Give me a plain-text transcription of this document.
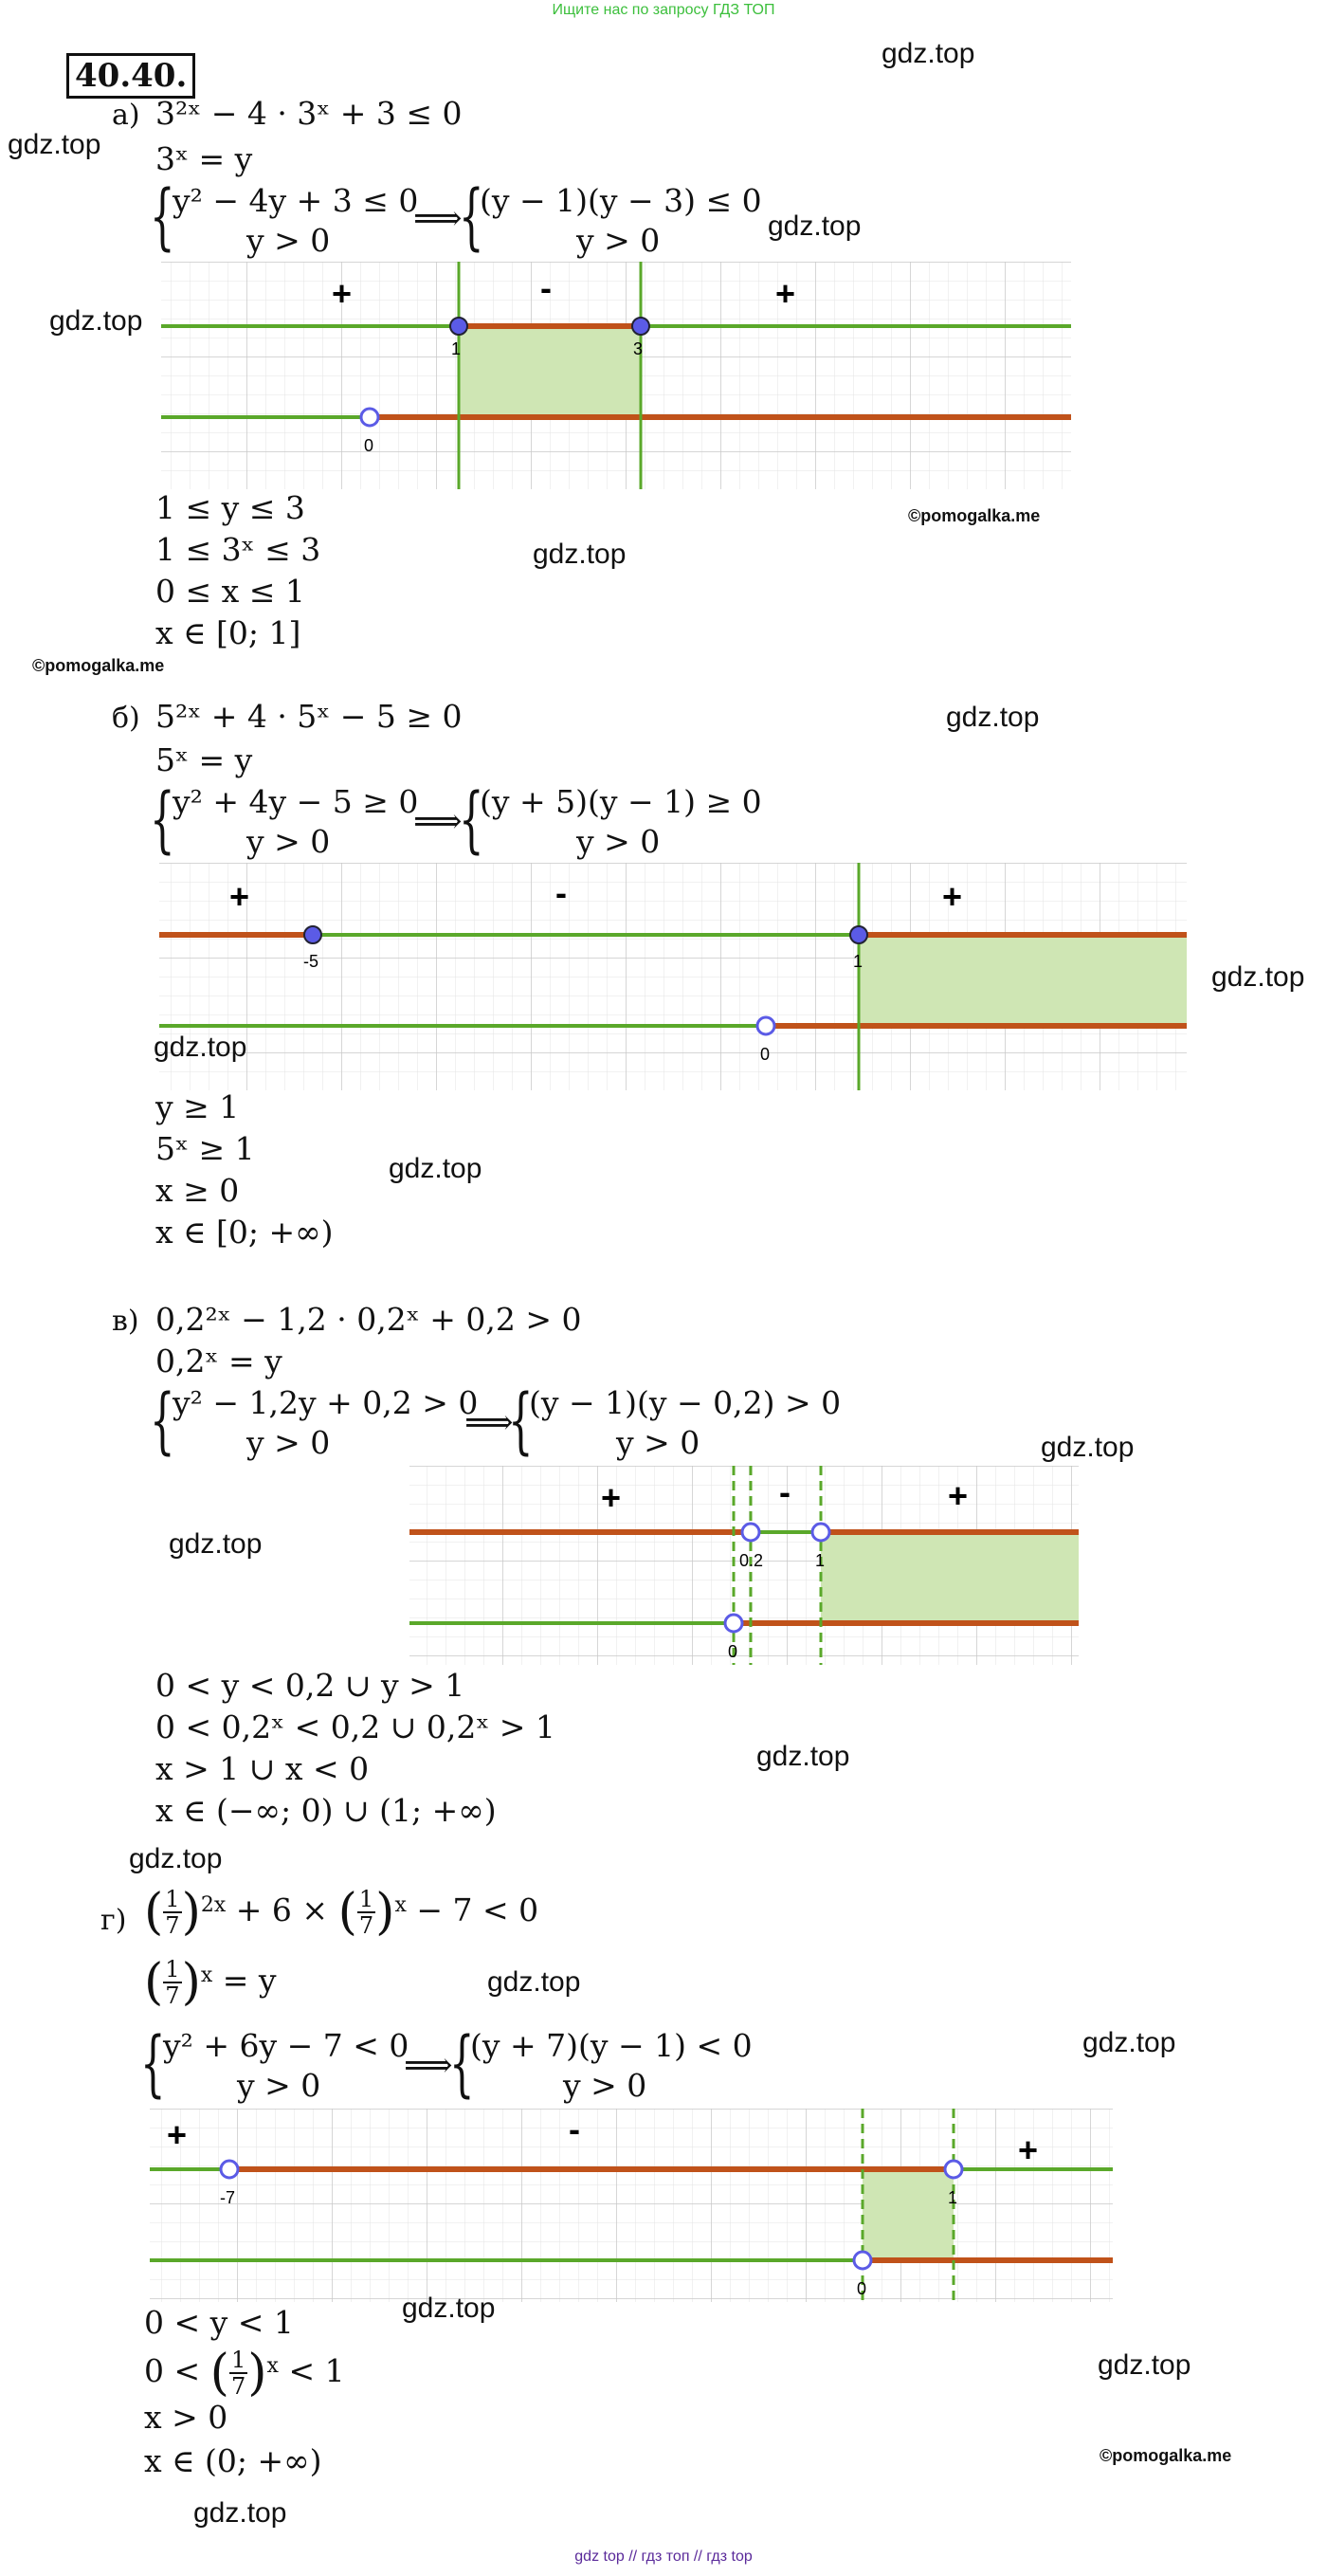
Ищите нас по запросу ГДЗ ТОП
gdz top // гдз топ // гдз top
40.40.
а) 3²ˣ − 4 · 3ˣ + 3 ≤ 0
3ˣ = y
{
y² − 4y + 3 ≤ 0
y > 0
⟹
{
(y − 1)(y − 3) ≤ 0
y > 0
1	3
0
+	-	+
1 ≤ y ≤ 3
1 ≤ 3ˣ ≤ 3
0 ≤ x ≤ 1
x ∈ [0; 1]
б) 5²ˣ + 4 · 5ˣ − 5 ≥ 0
5ˣ = y
{
y² + 4y − 5 ≥ 0
y > 0
⟹
{
(y + 5)(y − 1) ≥ 0
y > 0
-5	1
0
+	-	+
y ≥ 1
5ˣ ≥ 1
x ≥ 0
x ∈ [0; +∞)
в) 0,2²ˣ − 1,2 · 0,2ˣ + 0,2 > 0
0,2ˣ = y
{
y² − 1,2y + 0,2 > 0
y > 0
⟹
{
(y − 1)(y − 0,2) > 0
y > 0
0.2	1
0
+	-	+
0 < y < 0,2 ∪ y > 1
0 < 0,2ˣ < 0,2 ∪ 0,2ˣ > 1
x > 1 ∪ x < 0
x ∈ (−∞; 0) ∪ (1; +∞)
г) ( $\frac{1}{7} )^{2x} + 6$ × ( $\frac{1}{7} )^x - 7 < 0$
( $\frac{1}{7} )^x = y$
{
y² + 6y − 7 < 0
y > 0
⟹
{
(y + 7)(y − 1) < 0
y > 0
-7	1
0
+	-
+
0 < y < 1
0 < ( $\frac{1}{7} )^x < 1$
x > 0
x ∈ (0; +∞)
gdz.top
gdz.top
gdz.top
gdz.top
gdz.top
gdz.top
gdz.top
gdz.top
gdz.top
gdz.top
gdz.top
gdz.top
gdz.top
gdz.top
gdz.top
gdz.top
gdz.top
gdz.top
©pomogalka.me
©pomogalka.me
©pomogalka.me
